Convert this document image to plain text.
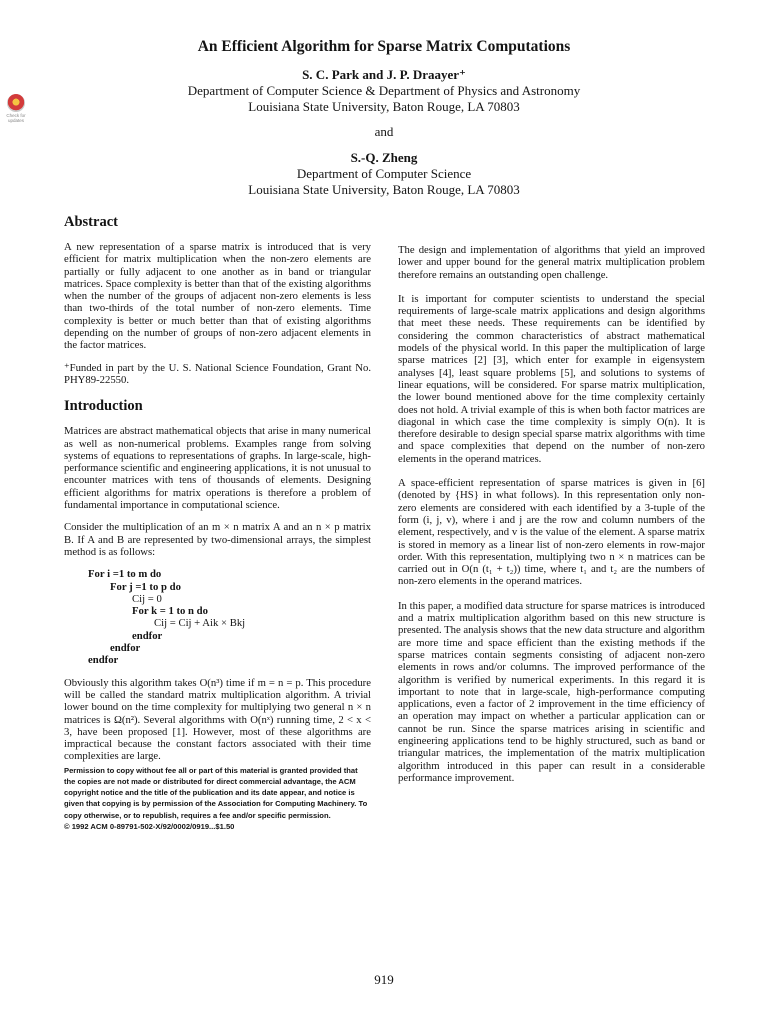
Check for updates
An Efficient Algorithm for Sparse Matrix Computations
S. C. Park and J. P. Draayer⁺
Department of Computer Science & Department of Physics and Astronomy
Louisiana State University, Baton Rouge, LA 70803
and
S.-Q. Zheng
Department of Computer Science
Louisiana State University, Baton Rouge, LA 70803
Abstract

A new representation of a sparse matrix is introduced that is very efficient for matrix multiplication when the non-zero elements are partially or fully adjacent to one another as in band or triangular matrices. Space complexity is better than that of the existing algorithms when the number of the groups of adjacent non-zero elements is less than two-thirds of the total number of non-zero elements. Time complexity is better or much better than that of existing algorithms depending on the number of groups of non-zero adjacent elements in the factor matrices.

⁺Funded in part by the U. S. National Science Foundation, Grant No. PHY89-22550.

Introduction

Matrices are abstract mathematical objects that arise in many numerical as well as non-numerical problems. Examples range from solving systems of equations to representations of graphs. In large-scale, high-performance scientific and engineering applications, it is not unusual to encounter matrices with tens of thousands of elements. Designing efficient algorithms for matrix operations is therefore a problem of fundamental importance in computational science.

Consider the multiplication of an m × n matrix A and an n × p matrix B. If A and B are represented by two-dimensional arrays, the simplest method is as follows:

For i =1 to m do
For j =1 to p do
Cij = 0
For k = 1 to n do
Cij = Cij + Aik × Bkj
endfor
endfor
endfor

Obviously this algorithm takes O(n³) time if m = n = p. This procedure will be called the standard matrix multiplication algorithm. A trivial lower bound on the time complexity for multiplying two general n × n matrices is Ω(n²). Several algorithms with O(nˣ) running time, 2 < x < 3, have been proposed [1]. However, most of these algorithms are impractical because the constant factors associated with their time complexities are large.

Permission to copy without fee all or part of this material is granted provided that the copies are not made or distributed for direct commercial advantage, the ACM copyright notice and the title of the publication and its date appear, and notice is given that copying is by permission of the Association for Computing Machinery. To copy otherwise, or to republish, requires a fee and/or specific permission.

© 1992 ACM 0-89791-502-X/92/0002/0919...$1.50

The design and implementation of algorithms that yield an improved lower and upper bound for the general matrix multiplication problem therefore remains an outstanding open challenge.

It is important for computer scientists to understand the special requirements of large-scale matrix applications and design algorithms that meet these needs. These requirements can be identified by considering the common characteristics of abstract mathematical models of the physical world. In this paper the multiplication of large sparse matrices [2] [3], which enter for example in eigensystem analyses [4], least square problems [5], and solutions to systems of linear equations, will be considered. For sparse matrix multiplication, the lower bound mentioned above for the time complexity certainly does not hold. A trivial example of this is when both factor matrices are diagonal in which case the time complexity is simply O(n). It is therefore desirable to design special sparse matrix algorithms with time and space complexities that depend on the number of non-zero elements in the operand matrices.

A space-efficient representation of sparse matrices is given in [6] (denoted by {HS} in what follows). In this representation only non-zero elements are considered with each identified by a 3-tuple of the form (i, j, v), where i and j are the row and column numbers of the element, respectively, and v is the value of the element. A sparse matrix is stored in memory as a linear list of non-zero elements in row-major order. With this representation, multiplying two n × n matrices can be carried out in O(n (t₁ + t₂)) time, where t₁ and t₂ are the numbers of non-zero elements in the operand matrices.

In this paper, a modified data structure for sparse matrices is introduced and a matrix multiplication algorithm based on this new structure is presented. The analysis shows that the new data structure and algorithm are more time and space efficient than the existing methods if the sparse matrices contain segments consisting of adjacent non-zero elements in rows and/or columns. The improved performance of the algorithm is verified by numerical experiments. In this regard it is important to note that in large-scale, high-performance computing applications, even a factor of 2 improvement in the time efficiency of an operation may impact on whether a particular application can or cannot be run. Since the sparse matrices arising in scientific and engineering applications tend to be highly structured, such as band or triangular matrices, the implementation of the matrix multiplication algorithm introduced in this paper can result in a considerable performance improvement.

919
